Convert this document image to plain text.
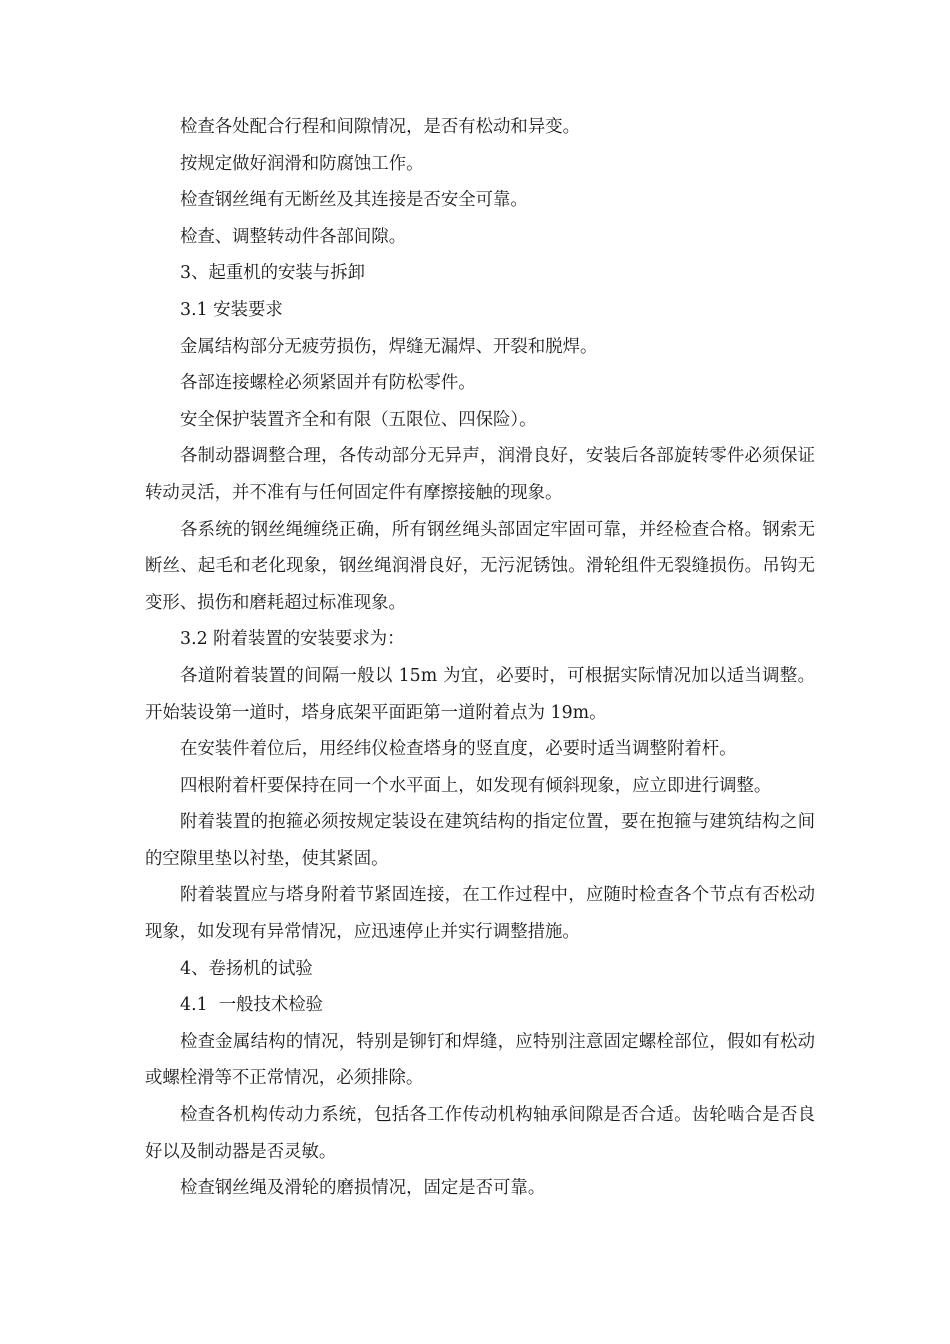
检查各处配合行程和间隙情况，是否有松动和异变。

按规定做好润滑和防腐蚀工作。

检查钢丝绳有无断丝及其连接是否安全可靠。

检查、调整转动件各部间隙。

3、起重机的安装与拆卸

3.1 安装要求

金属结构部分无疲劳损伤，焊缝无漏焊、开裂和脱焊。

各部连接螺栓必须紧固并有防松零件。

安全保护装置齐全和有限（五限位、四保险）。

各制动器调整合理，各传动部分无异声，润滑良好，安装后各部旋转零件必须保证转动灵活，并不准有与任何固定件有摩擦接触的现象。

各系统的钢丝绳缠绕正确，所有钢丝绳头部固定牢固可靠，并经检查合格。钢索无断丝、起毛和老化现象，钢丝绳润滑良好，无污泥锈蚀。滑轮组件无裂缝损伤。吊钩无变形、损伤和磨耗超过标准现象。

3.2 附着装置的安装要求为：

各道附着装置的间隔一般以 15m 为宜，必要时，可根据实际情况加以适当调整。开始装设第一道时，塔身底架平面距第一道附着点为 19m。

在安装件着位后，用经纬仪检查塔身的竖直度，必要时适当调整附着杆。

四根附着杆要保持在同一个水平面上，如发现有倾斜现象，应立即进行调整。

附着装置的抱箍必须按规定装设在建筑结构的指定位置，要在抱箍与建筑结构之间的空隙里垫以衬垫，使其紧固。

附着装置应与塔身附着节紧固连接，在工作过程中，应随时检查各个节点有否松动现象，如发现有异常情况，应迅速停止并实行调整措施。

4、卷扬机的试验

4.1  一般技术检验

检查金属结构的情况，特别是铆钉和焊缝，应特别注意固定螺栓部位，假如有松动或螺栓滑等不正常情况，必须排除。

检查各机构传动力系统，包括各工作传动机构轴承间隙是否合适。齿轮啮合是否良好以及制动器是否灵敏。

检查钢丝绳及滑轮的磨损情况，固定是否可靠。
